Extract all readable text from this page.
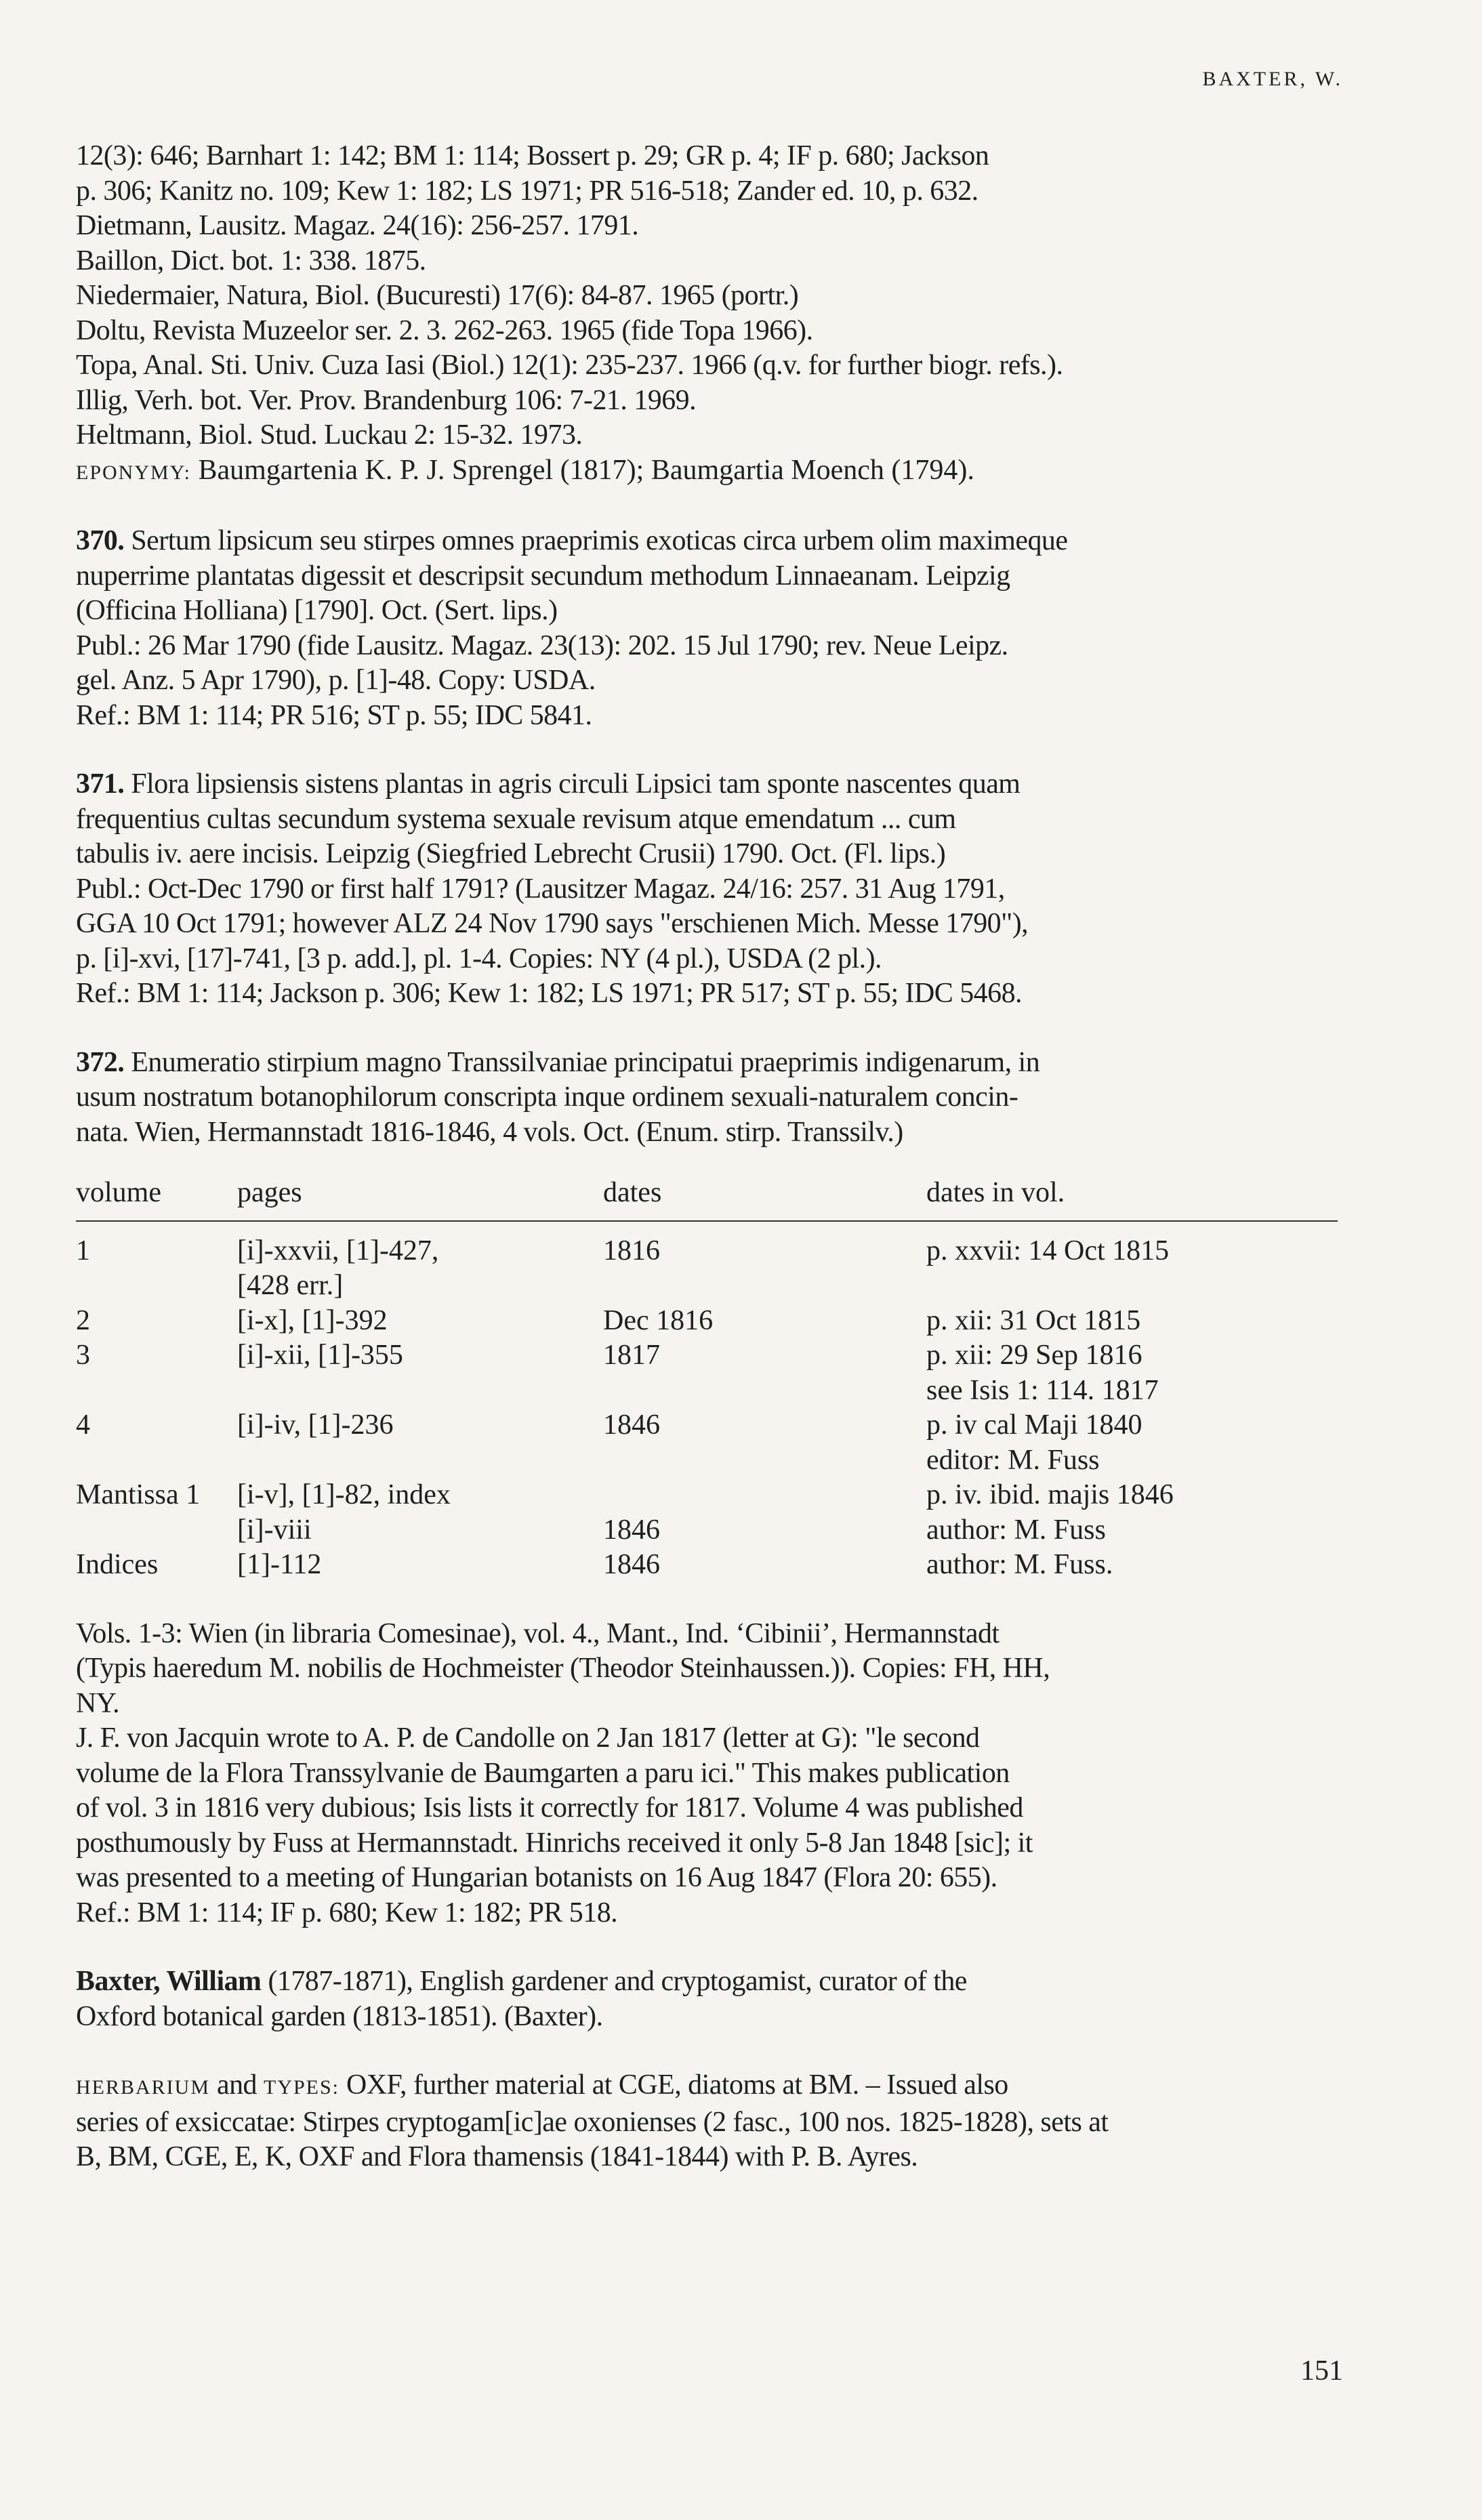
BAXTER, W.
12(3): 646; Barnhart 1: 142; BM 1: 114; Bossert p. 29; GR p. 4; IF p. 680; Jackson
p. 306; Kanitz no. 109; Kew 1: 182; LS 1971; PR 516-518; Zander ed. 10, p. 632.
Dietmann, Lausitz. Magaz. 24(16): 256-257. 1791.
Baillon, Dict. bot. 1: 338. 1875.
Niedermaier, Natura, Biol. (Bucuresti) 17(6): 84-87. 1965 (portr.)
Doltu, Revista Muzeelor ser. 2. 3. 262-263. 1965 (fide Topa 1966).
Topa, Anal. Sti. Univ. Cuza Iasi (Biol.) 12(1): 235-237. 1966 (q.v. for further biogr. refs.).
Illig, Verh. bot. Ver. Prov. Brandenburg 106: 7-21. 1969.
Heltmann, Biol. Stud. Luckau 2: 15-32. 1973.

EPONYMY: Baumgartenia K. P. J. Sprengel (1817); Baumgartia Moench (1794).

370. Sertum lipsicum seu stirpes omnes praeprimis exoticas circa urbem olim maximeque
nuperrime plantatas digessit et descripsit secundum methodum Linnaeanam. Leipzig
(Officina Holliana) [1790]. Oct. (Sert. lips.)
Publ.: 26 Mar 1790 (fide Lausitz. Magaz. 23(13): 202. 15 Jul 1790; rev. Neue Leipz.
gel. Anz. 5 Apr 1790), p. [1]-48. Copy: USDA.
Ref.: BM 1: 114; PR 516; ST p. 55; IDC 5841.
371. Flora lipsiensis sistens plantas in agris circuli Lipsici tam sponte nascentes quam
frequentius cultas secundum systema sexuale revisum atque emendatum ... cum
tabulis iv. aere incisis. Leipzig (Siegfried Lebrecht Crusii) 1790. Oct. (Fl. lips.)
Publ.: Oct-Dec 1790 or first half 1791? (Lausitzer Magaz. 24/16: 257. 31 Aug 1791,
GGA 10 Oct 1791; however ALZ 24 Nov 1790 says "erschienen Mich. Messe 1790"),
p. [i]-xvi, [17]-741, [3 p. add.], pl. 1-4. Copies: NY (4 pl.), USDA (2 pl.).
Ref.: BM 1: 114; Jackson p. 306; Kew 1: 182; LS 1971; PR 517; ST p. 55; IDC 5468.
372. Enumeratio stirpium magno Transsilvaniae principatui praeprimis indigenarum, in
usum nostratum botanophilorum conscripta inque ordinem sexuali-naturalem concin-
nata. Wien, Hermannstadt 1816-1846, 4 vols. Oct. (Enum. stirp. Transsilv.)
volume	pages	dates	dates in vol.
1	[i]-xxvii, [1]-427,	1816	p. xxvii: 14 Oct 1815
	[428 err.]		
2	[i-x], [1]-392	Dec 1816	p. xii: 31 Oct 1815
3	[i]-xii, [1]-355	1817	p. xii: 29 Sep 1816
			see Isis 1: 114. 1817
4	[i]-iv, [1]-236	1846	p. iv cal Maji 1840
			editor: M. Fuss
Mantissa 1	[i-v], [1]-82, index		p. iv. ibid. majis 1846
	[i]-viii	1846	author: M. Fuss
Indices	[1]-112	1846	author: M. Fuss.
Vols. 1-3: Wien (in libraria Comesinae), vol. 4., Mant., Ind. ‘Cibinii’, Hermannstadt
(Typis haeredum M. nobilis de Hochmeister (Theodor Steinhaussen.)). Copies: FH, HH,
NY.
J. F. von Jacquin wrote to A. P. de Candolle on 2 Jan 1817 (letter at G): "le second
volume de la Flora Transsylvanie de Baumgarten a paru ici." This makes publication
of vol. 3 in 1816 very dubious; Isis lists it correctly for 1817. Volume 4 was published
posthumously by Fuss at Hermannstadt. Hinrichs received it only 5-8 Jan 1848 [sic]; it
was presented to a meeting of Hungarian botanists on 16 Aug 1847 (Flora 20: 655).
Ref.: BM 1: 114; IF p. 680; Kew 1: 182; PR 518.
Baxter, William (1787-1871), English gardener and cryptogamist, curator of the
Oxford botanical garden (1813-1851). (Baxter).
HERBARIUM and TYPES: OXF, further material at CGE, diatoms at BM. – Issued also
series of exsiccatae: Stirpes cryptogam[ic]ae oxonienses (2 fasc., 100 nos. 1825-1828), sets at
B, BM, CGE, E, K, OXF and Flora thamensis (1841-1844) with P. B. Ayres.
151
